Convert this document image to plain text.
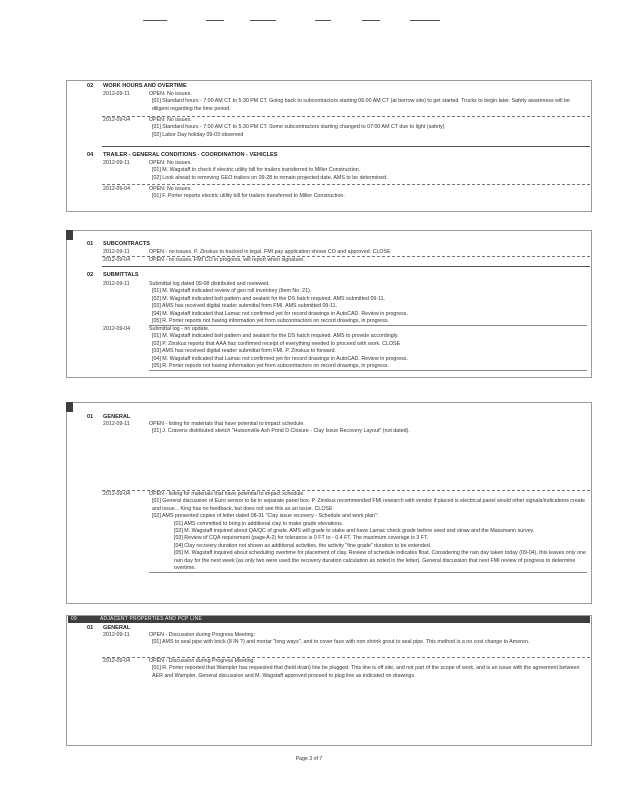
02 WORK HOURS AND OVERTIME
2012-09-11	OPEN: No issues.
[01] Standard hours - 7:00 AM CT to 5:30 PM CT. Going back to subcontractors starting 06:00 AM CT (at borrow site) to get started. Trucks to begin later. Safety awareness will be diligent regarding the time period.
2012-09-04	OPEN: No issues.
[01] Standard hours - 7:00 AM CT to 5:30 PM CT. Some subcontractors starting changed to 07:00 AM CT due to light (safety)
[02] Labor Day holiday 09-03 observed
04 TRAILER - GENERAL CONDITIONS - COORDINATION - VEHICLES
2012-09-11	OPEN: No issues.
[01] M. Wagstaff to check if electric utility bill for trailers transferred to Miller Construction.
[02] Look ahead to removing GEO trailers on 09-28 to remain projected date. AMS to be determined.
2012-09-04	OPEN: No issues.
[01] F. Porter reports electric utility bill for trailers transferred to Miller Construction.
01 SUBCONTRACTS
2012-09-11	OPEN - no issues. P. Zinskus to tracked in legal. FMI pay application shows CO and approved. CLOSE
2012-09-04	OPEN - no issues. FMI CO in progress, will report when signature.
02 SUBMITTALS
2012-09-11	Submittal log dated 09-08 distributed and reviewed.
[01] M. Wagstaff indicated review of geo roll inventory (Item No. 21).
[02] M. Wagstaff indicated bolt pattern and sealant for the DS hatch required. AMS submitted 09-11.
[03] AMS has received digital reader submittal form FMI. AMS submitted 09-11.
[04] M. Wagstaff indicated that Lamac not confirmed yet for record drawings in AutoCAD. Review in progress.
[05] R. Porter reports not having information yet from subcontractors on record drawings, in progress.
2012-09-04	Submittal log - no update.
[01] M. Wagstaff indicated bolt pattern and sealant for the DS hatch required. AMS to provide accordingly.
[02] P. Zinskus reports that AAA has confirmed receipt of everything needed to proceed with work. CLOSE
[03] AMS has received digital reader submittal form FMI. P. Zinskus to forward.
[04] M. Wagstaff indicated that Lamac not confirmed yet for record drawings in AutoCAD. Review in progress.
[05] R. Porter reports not having information yet from subcontractors on record drawings, in progress.
01 GENERAL
2012-09-11	OPEN - listing for materials that have potential to impact schedule.
[01] J. Cravens distributed sketch "Hutsonville Ash Pond D Closure - Clay Issue Recovery Layout" (not dated).
2012-09-04	OPEN - listing for materials that have potential to impact schedule.
[01] General discussion of Euro sensor to be in separate panel box. P. Zinskus recommended FMI research with vendor if placed is electrical panel would other signals/indications create and issue... King has no feedback, but does not see this as an issue. CLOSE
[02] AMS presented copies of letter dated 08-31 "Clay issue recovery - Schedule and work plan":
[01] AMS committed to bring in additional clay to make grade elevations.
[02] M. Wagstaff inquired about QA/QC of grade. AMS will grade to stake and have Lamac check grade before seed and straw and the Massmann survey.
[03] Review of CQA requirement (page A-2) for tolerance is 0 FT to - 0.4 FT. The maximum coverage is 3 FT.
[04] Clay recovery duration not shown as additional activities, the activity "fine grade" duration to be extended.
[05] M. Wagstaff inquired about scheduling overtime for placement of clay. Review of schedule indicates float. Considering the rain day taken today (09-04), this leaves only one rain day for the next week (as only two were used the recovery duration calculation as noted in the letter). General discussion that next FMI review of progress to determine overtime.
09	ADJACENT PROPERTIES AND PCP LINE
01 GENERAL
2012-09-11	OPEN - Discussion during Progress Meeting:
[01] AMS to seal pipe with brick (8 IN ?) and mortar "long ways", and to cover face with non shrink grout to seal pipe. This method is a no cost change to Ameren.
2012-09-04	OPEN - Discussion during Progress Meeting:
[01] R. Porter reported that Wampler has requested that (field drain) line be plugged. This line is off site, and not part of the scope of work, and is an issue with the agreement between AER and Wampler. General discussion and M. Wagstaff approved proceed to plug line as indicated on drawings.
Page 3 of 7
